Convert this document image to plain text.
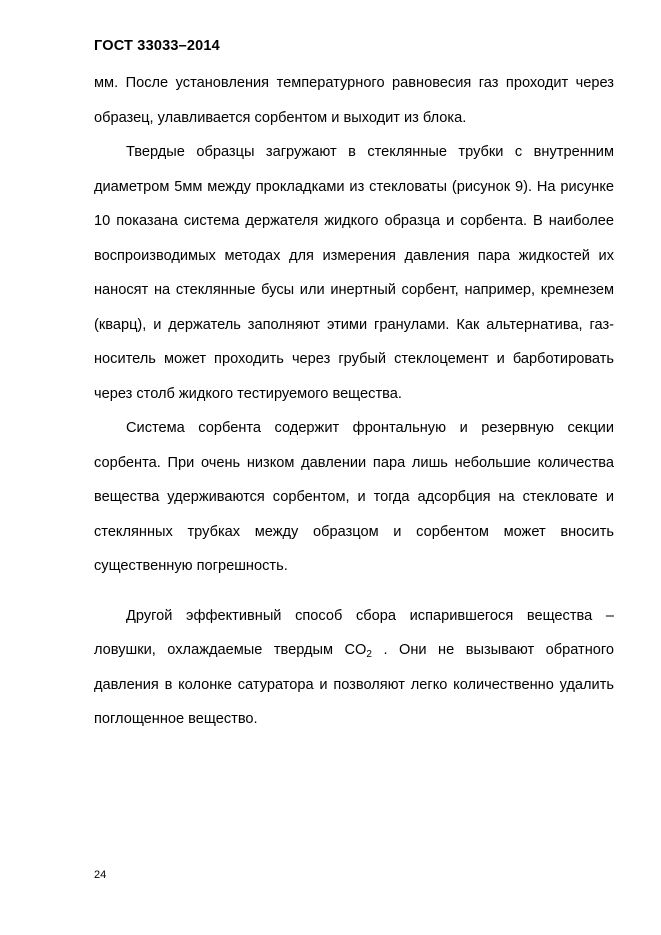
ГОСТ 33033–2014

мм. После установления температурного равновесия газ проходит через образец, улавливается сорбентом и выходит из блока.

Твердые образцы загружают в стеклянные трубки с внутренним диаметром 5мм между прокладками из стекловаты (рисунок 9). На рисунке 10 показана система держателя жидкого образца и сорбента. В наиболее воспроизводимых методах для измерения давления пара жидкостей их наносят на стеклянные бусы или инертный сорбент, например, кремнезем (кварц), и держатель заполняют этими гранулами. Как альтернатива, газ-носитель может проходить через грубый стеклоцемент и барботировать через столб жидкого тестируемого вещества.

Система сорбента содержит фронтальную и резервную секции сорбента. При очень низком давлении пара лишь небольшие количества вещества удерживаются сорбентом, и тогда адсорбция на стекловате и стеклянных трубках между образцом и сорбентом может вносить существенную погрешность.

Другой эффективный способ сбора испарившегося вещества – ловушки, охлаждаемые твердым $CO_2$ . Они не вызывают обратного давления в колонке сатуратора и позволяют легко количественно удалить поглощенное вещество.

24
